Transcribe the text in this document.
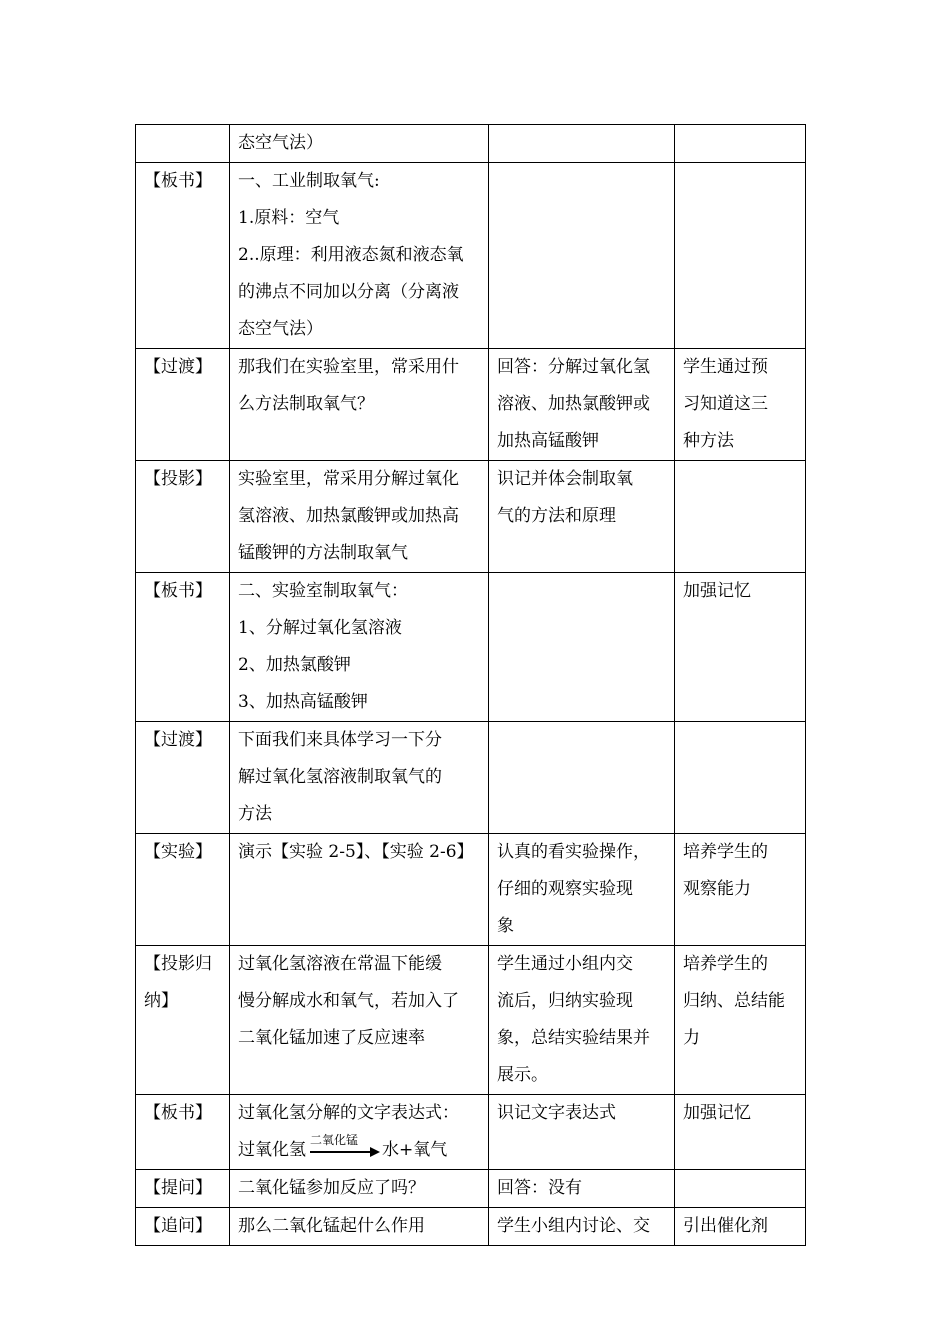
	态空气法）		

【板书】	一、工业制取氧气:
1.原料：空气
2..原理：利用液态氮和液态氧
的沸点不同加以分离（分离液
态空气法）		

【过渡】	那我们在实验室里，常采用什
么方法制取氧气？	回答：分解过氧化氢
溶液、加热氯酸钾或
加热高锰酸钾	学生通过预
习知道这三
种方法

【投影】	实验室里，常采用分解过氧化
氢溶液、加热氯酸钾或加热高
锰酸钾的方法制取氧气	识记并体会制取氧
气的方法和原理	

【板书】	二、实验室制取氧气：
1、分解过氧化氢溶液
2、加热氯酸钾
3、加热高锰酸钾		加强记忆

【过渡】	下面我们来具体学习一下分
解过氧化氢溶液制取氧气的
方法		

【实验】	演示【实验 2-5】、【实验 2-6】	认真的看实验操作，
仔细的观察实验现
象	培养学生的
观察能力

【投影归
纳】	过氧化氢溶液在常温下能缓
慢分解成水和氧气，若加入了
二氧化锰加速了反应速率	学生通过小组内交
流后，归纳实验现
象，总结实验结果并
展示。	培养学生的
归纳、总结能
力

【板书】	过氧化氢分解的文字表达式：
过氧化氢 二氧化锰 水+氧气	识记文字表达式	加强记忆

【提问】	二氧化锰参加反应了吗？	回答：没有	

【追问】	那么二氧化锰起什么作用	学生小组内讨论、交	引出催化剂
